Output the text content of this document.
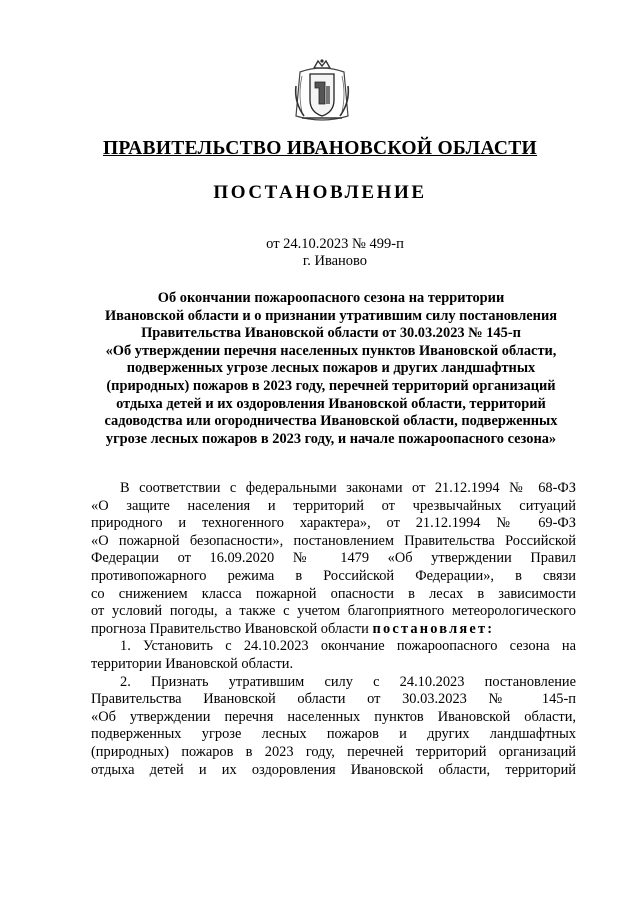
ПРАВИТЕЛЬСТВО ИВАНОВСКОЙ ОБЛАСТИ
ПОСТАНОВЛЕНИЕ
от 24.10.2023 № 499-п
г. Иваново
Об окончании пожароопасного сезона на территории
Ивановской области и о признании утратившим силу постановления
Правительства Ивановской области от 30.03.2023 № 145-п
«Об утверждении перечня населенных пунктов Ивановской области,
подверженных угрозе лесных пожаров и других ландшафтных
(природных) пожаров в 2023 году, перечней территорий организаций
отдыха детей и их оздоровления Ивановской области, территорий
садоводства или огородничества Ивановской области, подверженных
угрозе лесных пожаров в 2023 году, и начале пожароопасного сезона»
В соответствии с федеральными законами от 21.12.1994 № 68-ФЗ
«О защите населения и территорий от чрезвычайных ситуаций
природного и техногенного характера», от 21.12.1994 № 69-ФЗ
«О пожарной безопасности», постановлением Правительства Российской
Федерации от 16.09.2020 № 1479 «Об утверждении Правил
противопожарного режима в Российской Федерации», в связи
со снижением класса пожарной опасности в лесах в зависимости
от условий погоды, а также с учетом благоприятного метеорологического
прогноза Правительство Ивановской области постановляет:
1. Установить с 24.10.2023 окончание пожароопасного сезона на
территории Ивановской области.
2. Признать утратившим силу с 24.10.2023 постановление
Правительства Ивановской области от 30.03.2023 № 145-п
«Об утверждении перечня населенных пунктов Ивановской области,
подверженных угрозе лесных пожаров и других ландшафтных
(природных) пожаров в 2023 году, перечней территорий организаций
отдыха детей и их оздоровления Ивановской области, территорий
